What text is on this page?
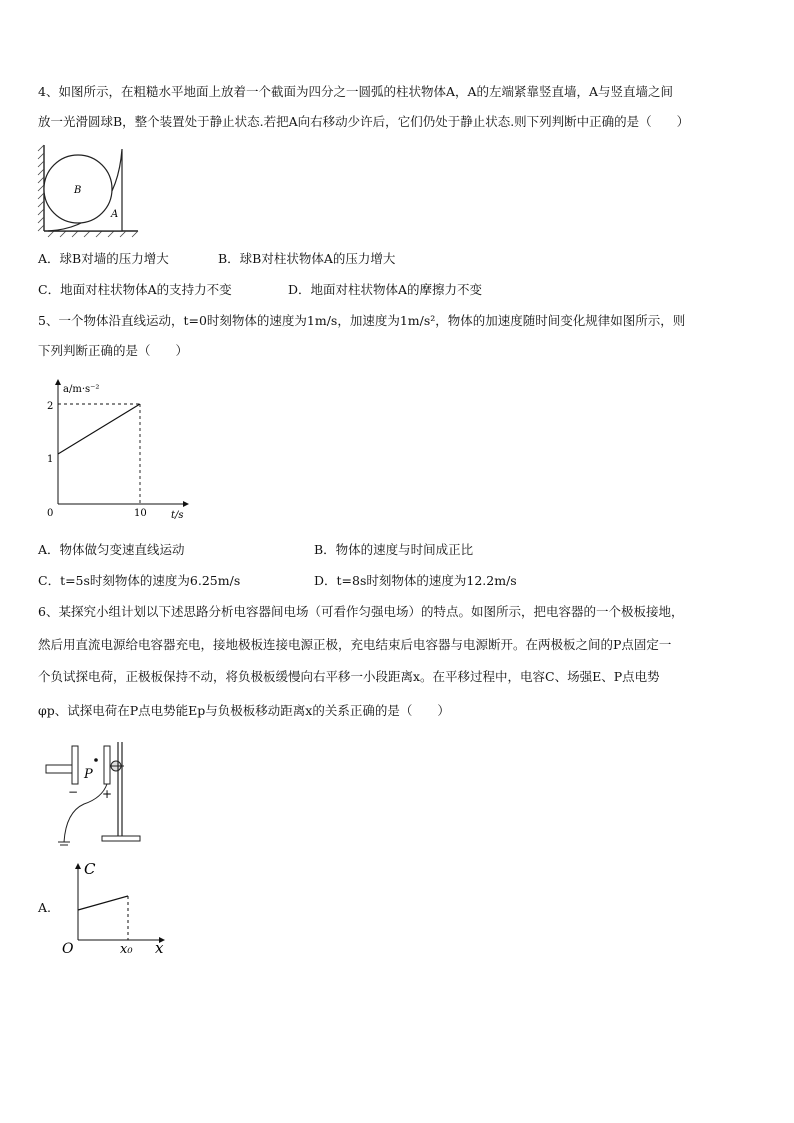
4、如图所示，在粗糙水平地面上放着一个截面为四分之一圆弧的柱状物体A，A的左端紧靠竖直墙，A与竖直墙之间
放一光滑圆球B，整个装置处于静止状态.若把A向右移动少许后，它们仍处于静止状态.则下列判断中正确的是（　　）
B
A
A．球B对墙的压力增大	B．球B对柱状物体A的压力增大
C．地面对柱状物体A的支持力不变	D．地面对柱状物体A的摩擦力不变
5、一个物体沿直线运动，t=0时刻物体的速度为1m/s，加速度为1m/s²，物体的加速度随时间变化规律如图所示，则
下列判断正确的是（　　）
a/m·s⁻²
t/s
0	10
1
2
A．物体做匀变速直线运动	B．物体的速度与时间成正比
C．t=5s时刻物体的速度为6.25m/s	D．t=8s时刻物体的速度为12.2m/s
6、某探究小组计划以下述思路分析电容器间电场（可看作匀强电场）的特点。如图所示，把电容器的一个极板接地，
然后用直流电源给电容器充电，接地极板连接电源正极，充电结束后电容器与电源断开。在两极板之间的P点固定一
个负试探电荷，正极板保持不动，将负极板缓慢向右平移一小段距离x。在平移过程中，电容C、场强E、P点电势
φp、试探电荷在P点电势能Ep与负极板移动距离x的关系正确的是（　　）
P
− +
A.
C
x
O	x₀
